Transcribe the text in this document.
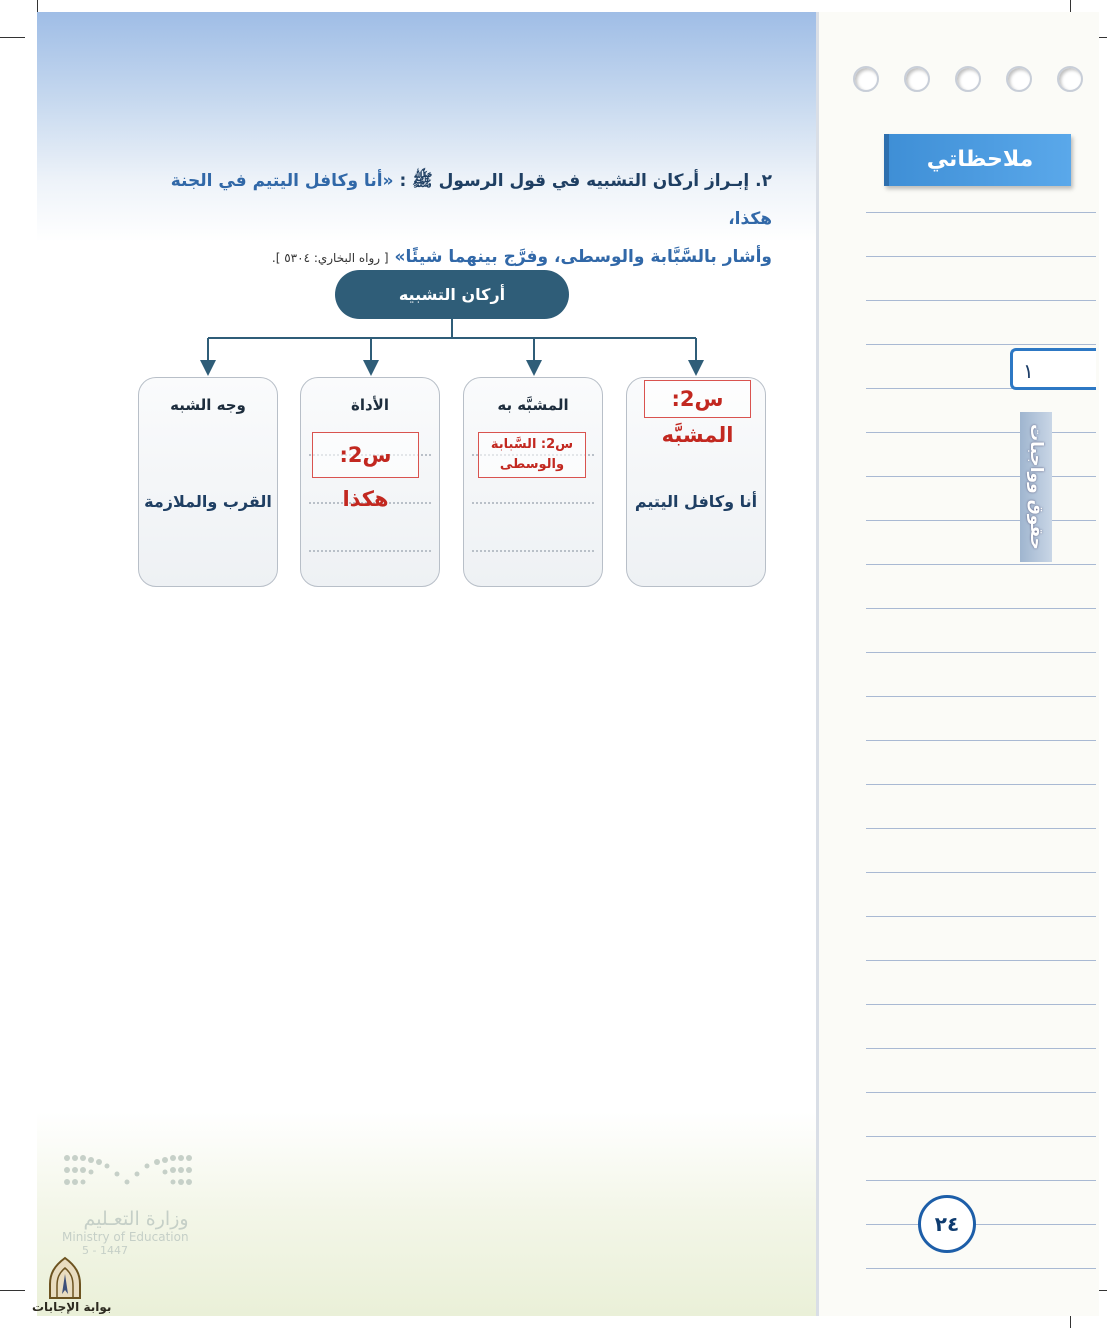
٢. إبـراز أركان التشبيه في قول الرسول ﷺ : «أنا وكافل اليتيم في الجنة هكذا،
وأشار بالسَّبَّابة والوسطى، وفرَّج بينهما شيئًا» [ رواه البخاري: ٥٣٠٤ ].
أركان التشبيه
وجه الشبه
القرب والملازمة
الأداة
س2: هكذا
المشبَّه به
س2: السَّبابة والوسطى
أنا وكافل اليتيم
س2: المشبَّه
ملاحظاتي
١
حقوق وواجبات
٢٤
وزارة التعـليم
Ministry of Education
5 - 1447
بوابة الإجابات
